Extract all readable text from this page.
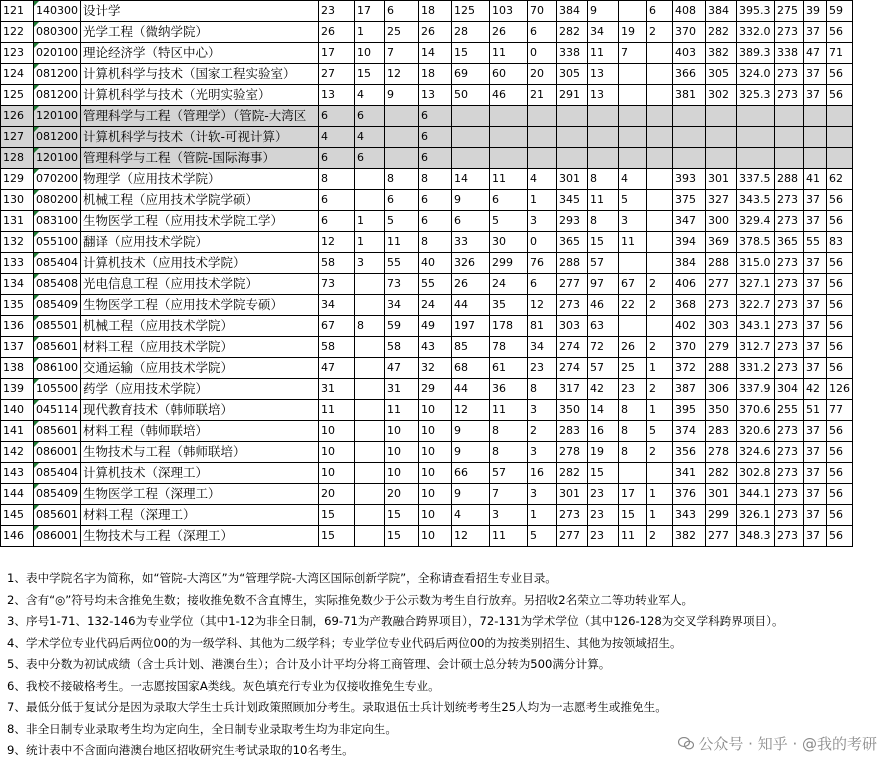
121	140300	设计学	23	17	6	18	125	103	70	384	9		6	408	384	395.3	275	39	59
122	080300	光学工程（微纳学院）	26	1	25	26	28	26	6	282	34	19	2	370	282	332.0	273	37	56
123	020100	理论经济学（特区中心）	17	10	7	14	15	11	0	338	11	7		403	382	389.3	338	47	71
124	081200	计算机科学与技术（国家工程实验室）	27	15	12	18	69	60	20	305	13			366	305	324.0	273	37	56
125	081200	计算机科学与技术（光明实验室）	13	4	9	13	50	46	21	291	13			381	302	325.3	273	37	56
126	120100	管理科学与工程（管理学）（管院-大湾区	6	6		6													
127	081200	计算机科学与技术（计软-可视计算）	4	4		6													
128	120100	管理科学与工程（管院-国际海事）	6	6		6													
129	070200	物理学（应用技术学院）	8		8	8	14	11	4	301	8	4		393	301	337.5	288	41	62
130	080200	机械工程（应用技术学院学硕）	6		6	6	9	6	1	345	11	5		375	327	343.5	273	37	56
131	083100	生物医学工程（应用技术学院工学）	6	1	5	6	6	5	3	293	8	3		347	300	329.4	273	37	56
132	055100	翻译（应用技术学院）	12	1	11	8	33	30	0	365	15	11		394	369	378.5	365	55	83
133	085404	计算机技术（应用技术学院）	58	3	55	40	326	299	76	288	57			384	288	315.0	273	37	56
134	085408	光电信息工程（应用技术学院）	73		73	55	26	24	6	277	97	67	2	406	277	327.1	273	37	56
135	085409	生物医学工程（应用技术学院专硕）	34		34	24	44	35	12	273	46	22	2	368	273	322.7	273	37	56
136	085501	机械工程（应用技术学院）	67	8	59	49	197	178	81	303	63			402	303	343.1	273	37	56
137	085601	材料工程（应用技术学院）	58		58	43	85	78	34	274	72	26	2	370	279	312.7	273	37	56
138	086100	交通运输（应用技术学院）	47		47	32	68	61	23	274	57	25	1	372	288	331.2	273	37	56
139	105500	药学（应用技术学院）	31		31	29	44	36	8	317	42	23	2	387	306	337.9	304	42	126
140	045114	现代教育技术（韩师联培）	11		11	10	12	11	3	350	14	8	1	395	350	370.6	255	51	77
141	085601	材料工程（韩师联培）	10		10	10	9	8	2	283	16	8	5	374	283	320.6	273	37	56
142	086001	生物技术与工程（韩师联培）	10		10	10	9	8	3	278	19	8	2	356	278	324.6	273	37	56
143	085404	计算机技术（深理工）	10		10	10	66	57	16	282	15			341	282	302.8	273	37	56
144	085409	生物医学工程（深理工）	20		20	10	9	7	3	301	23	17	1	376	301	344.1	273	37	56
145	085601	材料工程（深理工）	15		15	10	4	3	1	273	23	15	1	343	299	326.1	273	37	56
146	086001	生物技术与工程（深理工）	15		15	10	12	11	5	277	23	11	2	382	277	348.3	273	37	56
1、表中学院名字为简称，如“管院-大湾区”为“管理学院-大湾区国际创新学院”，全称请查看招生专业目录。
2、含有“◎”符号均未含推免生数；接收推免数不含直博生，实际推免数少于公示数为考生自行放弃。另招收2名荣立二等功转业军人。
3、序号1-71、132-146为专业学位（其中1-12为非全日制，69-71为产教融合跨界项目），72-131为学术学位（其中126-128为交叉学科跨界项目）。
4、学术学位专业代码后两位00的为一级学科、其他为二级学科；专业学位专业代码后两位00的为按类别招生、其他为按领域招生。
5、表中分数为初试成绩（含士兵计划、港澳台生）；合计及小计平均分将工商管理、会计硕士总分转为500满分计算。
6、我校不接破格考生。一志愿按国家A类线。灰色填充行专业为仅接收推免生专业。
7、最低分低于复试分是因为录取大学生士兵计划政策照顾加分考生。录取退伍士兵计划统考考生25人均为一志愿考生或推免生。
8、非全日制专业录取考生均为定向生，全日制专业录取考生均为非定向生。
9、统计表中不含面向港澳台地区招收研究生考试录取的10名考生。	公众号 · 知乎 · @我的考研
